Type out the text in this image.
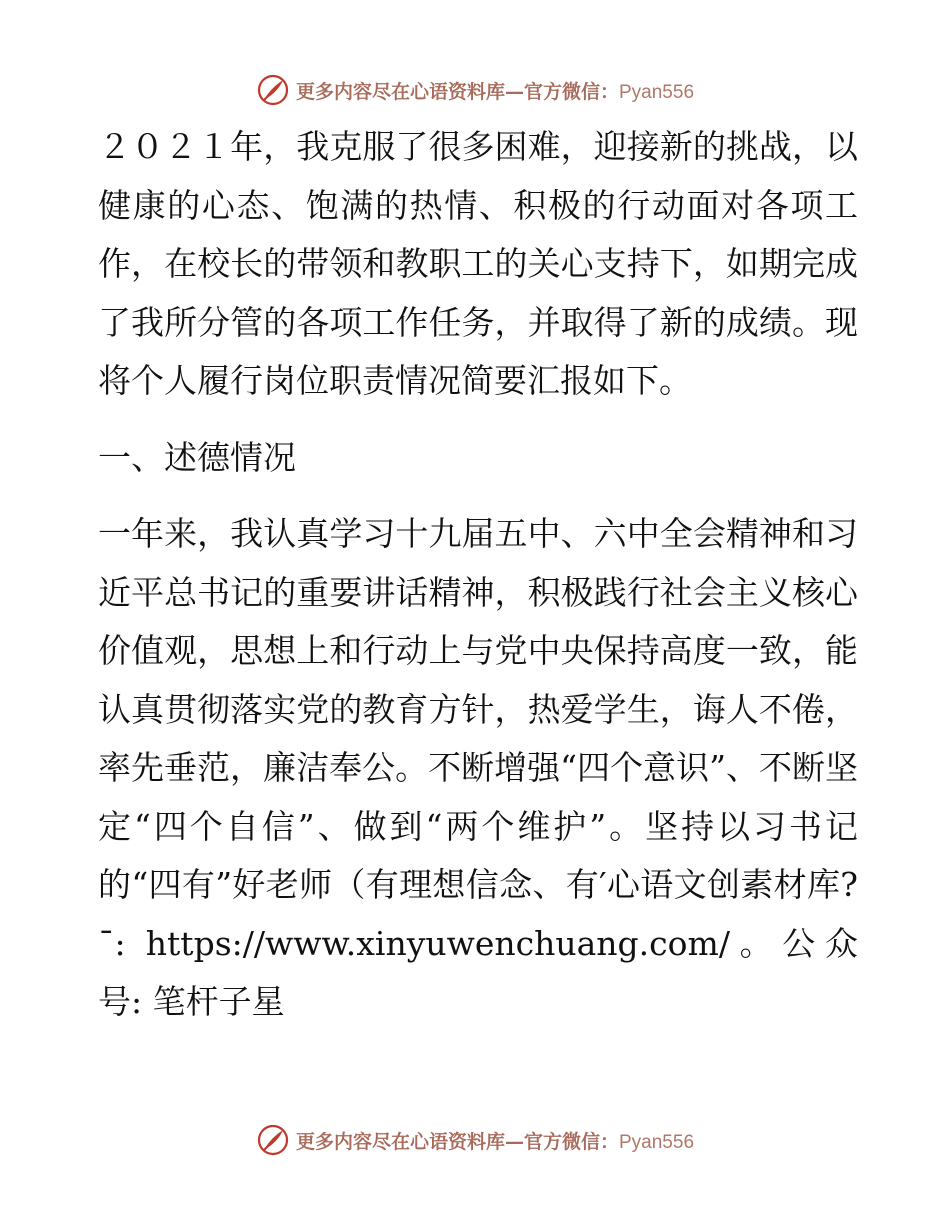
更多内容尽在心语资料库—官方微信：Pyan556

２０２１年，我克服了很多困难，迎接新的挑战，以健康的心态、饱满的热情、积极的行动面对各项工作，在校长的带领和教职工的关心支持下，如期完成了我所分管的各项工作任务，并取得了新的成绩。现将个人履行岗位职责情况简要汇报如下。

一、述德情况

一年来，我认真学习十九届五中、六中全会精神和习近平总书记的重要讲话精神，积极践行社会主义核心价值观，思想上和行动上与党中央保持高度一致，能认真贯彻落实党的教育方针，热爱学生，诲人不倦，率先垂范，廉洁奉公。不断增强“四个意识”、不断坚定“四个自信”、做到“两个维护”。坚持以习书记的“四有”好老师（有理想信念、有′心语文创素材库?¯: https://www.xinyuwenchuang.com/。公众号: 笔杆子星

更多内容尽在心语资料库—官方微信：Pyan556
